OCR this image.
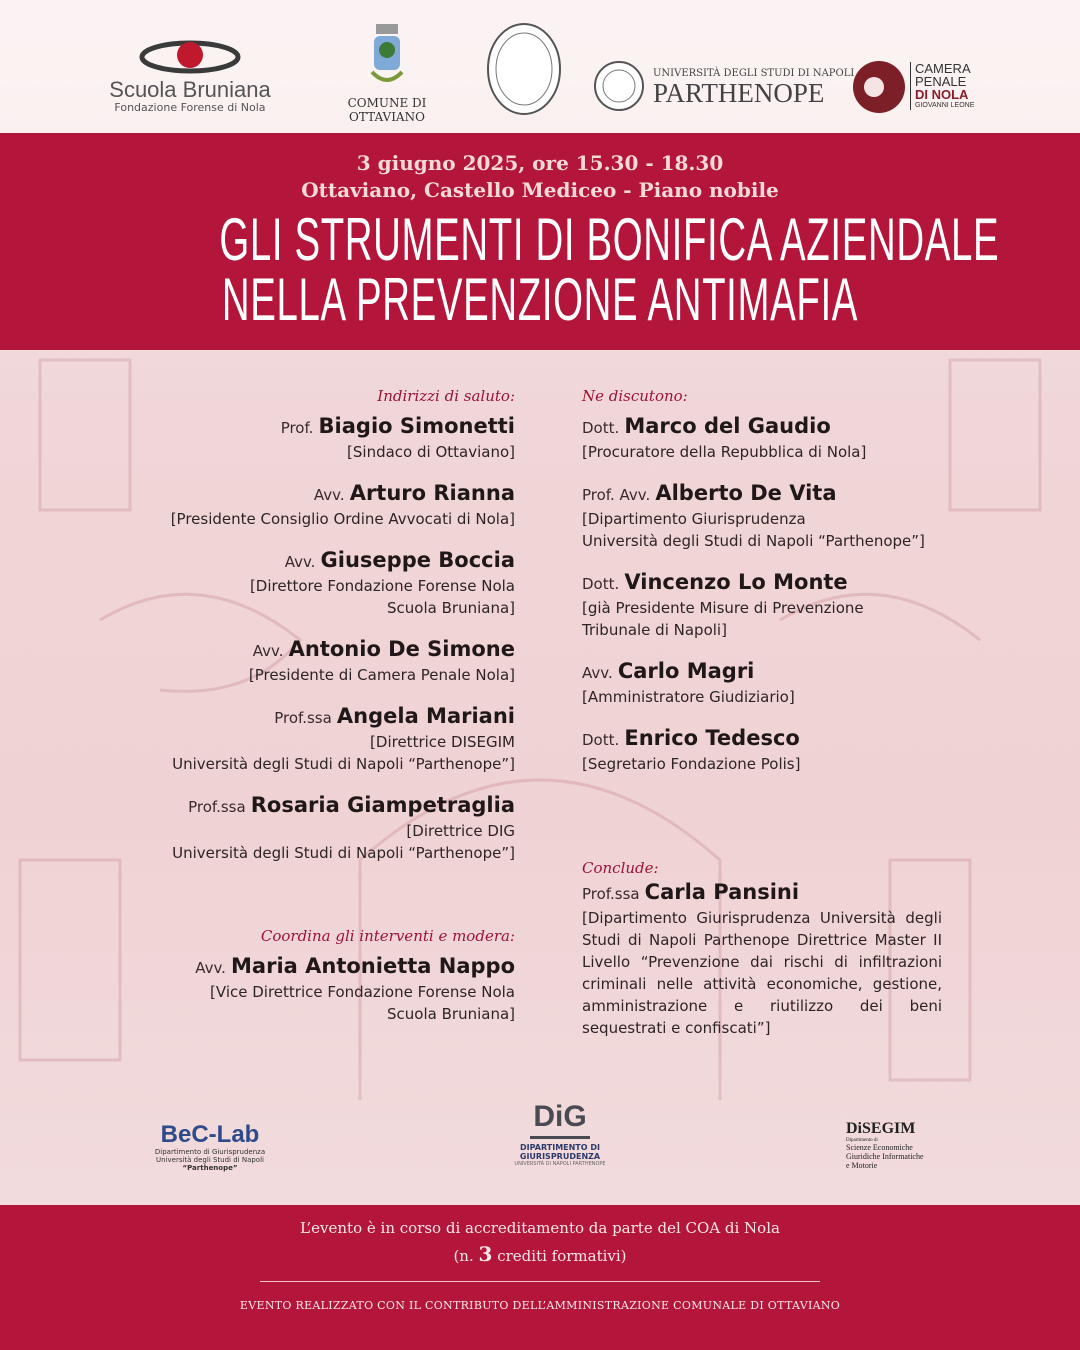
Scuola Bruniana
Fondazione Forense di Nola	COMUNE DI OTTAVIANO
UNIVERSITÀ DEGLI STUDI DI NAPOLI
PARTHENOPE
CAMERA
PENALE
DI NOLA
GIOVANNI LEONE
3 giugno 2025, ore 15.30 - 18.30
Ottaviano, Castello Mediceo - Piano nobile
GLI STRUMENTI DI BONIFICA AZIENDALE
NELLA PREVENZIONE ANTIMAFIA
Indirizzi di saluto:
Prof. Biagio Simonetti
[Sindaco di Ottaviano]
Avv. Arturo Rianna
[Presidente Consiglio Ordine Avvocati di Nola]
Avv. Giuseppe Boccia
[Direttore Fondazione Forense Nola
Scuola Bruniana]
Avv. Antonio De Simone
[Presidente di Camera Penale Nola]
Prof.ssa Angela Mariani
[Direttrice DISEGIM
Università degli Studi di Napoli “Parthenope”]
Prof.ssa Rosaria Giampetraglia
[Direttrice DIG
Università degli Studi di Napoli “Parthenope”]
Coordina gli interventi e modera:
Avv. Maria Antonietta Nappo
[Vice Direttrice Fondazione Forense Nola
Scuola Bruniana]
Ne discutono:
Dott. Marco del Gaudio
[Procuratore della Repubblica di Nola]
Prof. Avv. Alberto De Vita
[Dipartimento Giurisprudenza
Università degli Studi di Napoli “Parthenope”]
Dott. Vincenzo Lo Monte
[già Presidente Misure di Prevenzione
Tribunale di Napoli]
Avv. Carlo Magri
[Amministratore Giudiziario]
Dott. Enrico Tedesco
[Segretario Fondazione Polis]
Conclude:
Prof.ssa Carla Pansini
[Dipartimento Giurisprudenza Università degli Studi di Napoli Parthenope Direttrice Master II Livello “Prevenzione dai rischi di infiltrazioni criminali nelle attività economiche, gestione, amministrazione e riutilizzo dei beni sequestrati e confiscati”]
BeC-Lab
Dipartimento di Giurisprudenza
Università degli Studi di Napoli
“Parthenope”
DiG
DIPARTIMENTO DI
GIURISPRUDENZA
UNIVERSITÀ DI NAPOLI PARTHENOPE
DiSEGIM
Dipartimento di
Scienze Economiche
Giuridiche Informatiche
e Motorie
L’evento è in corso di accreditamento da parte del COA di Nola
(n. 3 crediti formativi)
EVENTO REALIZZATO CON IL CONTRIBUTO DELL’AMMINISTRAZIONE COMUNALE DI OTTAVIANO
